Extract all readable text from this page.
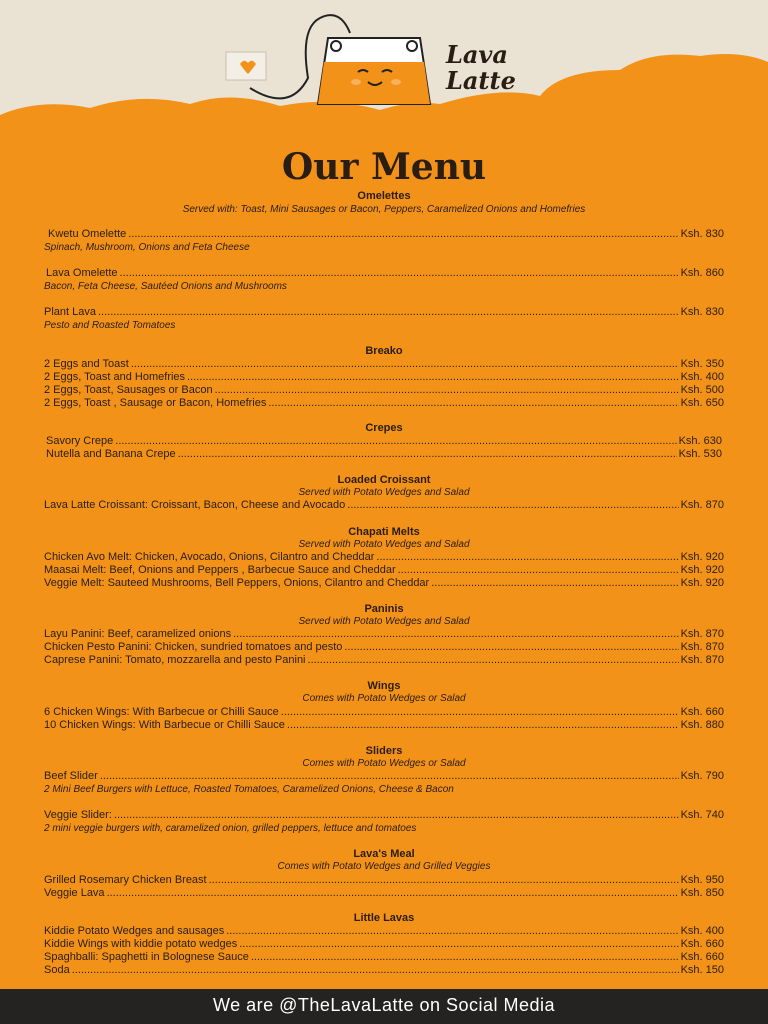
Lava
Latte
Our Menu
Omelettes
Served with: Toast, Mini Sausages or Bacon, Peppers, Caramelized Onions and Homefries
Kwetu Omelette .....	Ksh. 830
Spinach, Mushroom, Onions and Feta Cheese
Lava Omelette .....	Ksh. 860
Bacon, Feta Cheese, Sautéed Onions and Mushrooms
Plant Lava .....	Ksh. 830
Pesto and Roasted Tomatoes
Breako
2 Eggs and Toast .....	Ksh. 350
2 Eggs, Toast and Homefries .....	Ksh. 400
2 Eggs, Toast, Sausages or Bacon .....	Ksh. 500
2 Eggs, Toast , Sausage or Bacon, Homefries .....	Ksh. 650
Crepes
Savory Crepe .....	Ksh. 630
Nutella and Banana Crepe .....	Ksh. 530
Loaded Croissant
Served with Potato Wedges and Salad
Lava Latte Croissant: Croissant, Bacon, Cheese and Avocado .....	Ksh. 870
Chapati Melts
Served with Potato Wedges and Salad
Chicken Avo Melt: Chicken, Avocado, Onions, Cilantro and Cheddar .....	Ksh. 920
Maasai Melt: Beef, Onions and Peppers , Barbecue Sauce and Cheddar .....	Ksh. 920
Veggie Melt: Sauteed Mushrooms, Bell Peppers, Onions, Cilantro and Cheddar .....	Ksh. 920
Paninis
Served with Potato Wedges and Salad
Layu Panini: Beef, caramelized onions .....	Ksh. 870
Chicken Pesto Panini: Chicken, sundried tomatoes and pesto .....	Ksh. 870
Caprese Panini: Tomato, mozzarella and pesto Panini .....	Ksh. 870
Wings
Comes with Potato Wedges or Salad
6 Chicken Wings: With Barbecue or Chilli Sauce .....	Ksh. 660
10 Chicken Wings: With Barbecue or Chilli Sauce .....	Ksh. 880
Sliders
Comes with Potato Wedges or Salad
Beef Slider .....	Ksh. 790
2 Mini Beef Burgers with Lettuce, Roasted Tomatoes, Caramelized Onions, Cheese & Bacon
Veggie Slider: .....	Ksh. 740
2 mini veggie burgers with, caramelized onion, grilled peppers, lettuce and tomatoes
Lava's Meal
Comes with Potato Wedges and Grilled Veggies
Grilled Rosemary Chicken Breast .....	Ksh. 950
Veggie Lava .....	Ksh. 850
Little Lavas
Kiddie Potato Wedges and sausages .....	Ksh. 400
Kiddie Wings with kiddie potato wedges .....	Ksh. 660
Spaghballi: Spaghetti in Bolognese Sauce .....	Ksh. 660
Soda .....	Ksh. 150
We are @TheLavaLatte on Social Media
